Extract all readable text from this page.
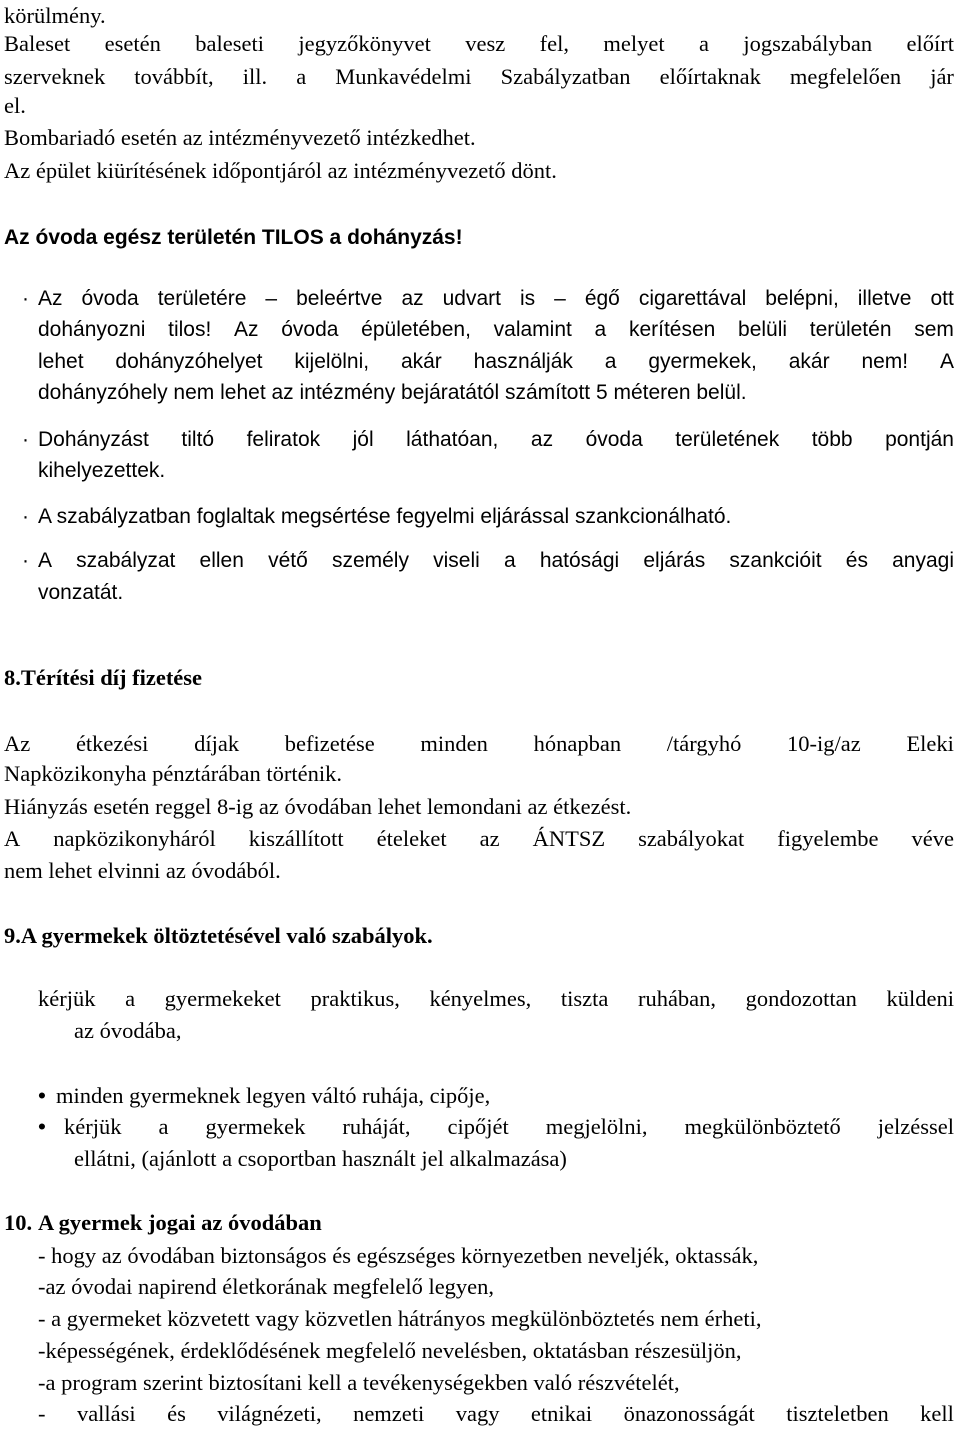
körülmény.
Baleset esetén baleseti jegyzőkönyvet vesz fel, melyet a jogszabályban előírt
szerveknek továbbít, ill. a Munkavédelmi Szabályzatban előírtaknak megfelelően jár
el.
Bombariadó esetén az intézményvezető intézkedhet.
Az épület kiürítésének időpontjáról az intézményvezető dönt.
Az óvoda egész területén TILOS a dohányzás!
· Az óvoda területére – beleértve az udvart is – égő cigarettával belépni, illetve ott
dohányozni tilos! Az óvoda épületében, valamint a kerítésen belüli területén sem
lehet dohányzóhelyet kijelölni, akár használják a gyermekek, akár nem! A
dohányzóhely nem lehet az intézmény bejáratától számított 5 méteren belül.
· Dohányzást tiltó feliratok jól láthatóan, az óvoda területének több pontján
kihelyezettek.
· A szabályzatban foglaltak megsértése fegyelmi eljárással szankcionálható.
· A szabályzat ellen vétő személy viseli a hatósági eljárás szankcióit és anyagi
vonzatát.
8.Térítési díj fizetése
Az étkezési díjak befizetése minden hónapban /tárgyhó 10-ig/az Eleki
Napközikonyha pénztárában történik.
Hiányzás esetén reggel 8-ig az óvodában lehet lemondani az étkezést.
A napközikonyháról kiszállított ételeket az ÁNTSZ szabályokat figyelembe véve
nem lehet elvinni az óvodából.
9.A gyermekek öltöztetésével való szabályok.
kérjük a gyermekeket praktikus, kényelmes, tiszta ruhában, gondozottan küldeni
az óvodába,
• minden gyermeknek legyen váltó ruhája, cipője,
• kérjük a gyermekek ruháját, cipőjét megjelölni, megkülönböztető jelzéssel
ellátni, (ajánlott a csoportban használt jel alkalmazása)
10. A gyermek jogai az óvodában
- hogy az óvodában biztonságos és egészséges környezetben neveljék, oktassák,
-az óvodai napirend életkorának megfelelő legyen,
- a gyermeket közvetett vagy közvetlen hátrányos megkülönböztetés nem érheti,
-képességének, érdeklődésének megfelelő nevelésben, oktatásban részesüljön,
-a program szerint biztosítani kell a tevékenységekben való részvételét,
- vallási és világnézeti, nemzeti vagy etnikai önazonosságát tiszteletben kell
